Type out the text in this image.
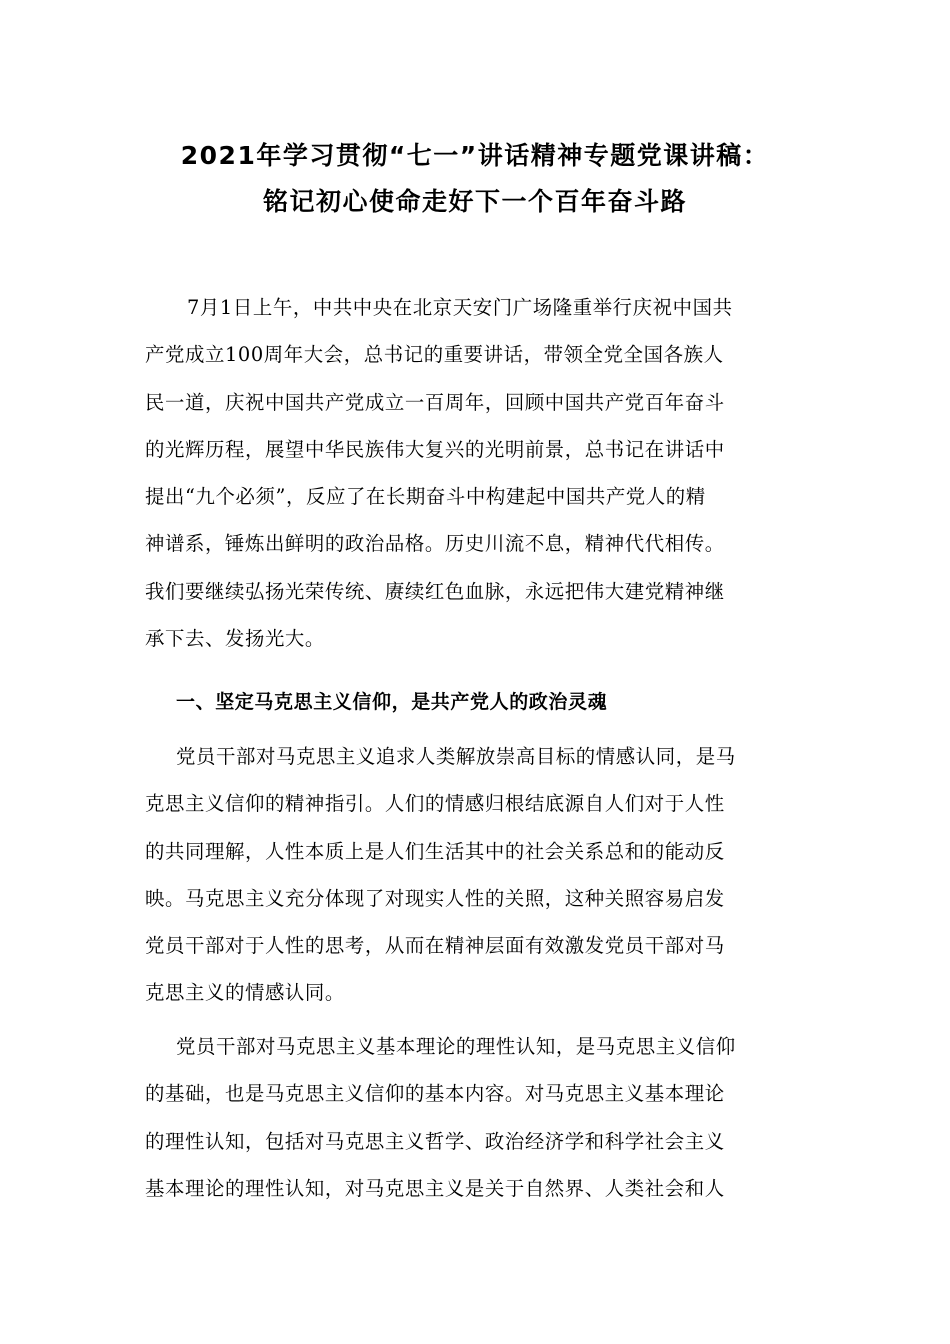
2021年学习贯彻“七一”讲话精神专题党课讲稿：
铭记初心使命走好下一个百年奋斗路
7月1日上午，中共中央在北京天安门广场隆重举行庆祝中国共
产党成立100周年大会，总书记的重要讲话，带领全党全国各族人
民一道，庆祝中国共产党成立一百周年，回顾中国共产党百年奋斗
的光辉历程，展望中华民族伟大复兴的光明前景，总书记在讲话中
提出“九个必须”，反应了在长期奋斗中构建起中国共产党人的精
神谱系，锤炼出鲜明的政治品格。历史川流不息，精神代代相传。
我们要继续弘扬光荣传统、赓续红色血脉，永远把伟大建党精神继
承下去、发扬光大。
一、坚定马克思主义信仰，是共产党人的政治灵魂
党员干部对马克思主义追求人类解放崇高目标的情感认同，是马
克思主义信仰的精神指引。人们的情感归根结底源自人们对于人性
的共同理解，人性本质上是人们生活其中的社会关系总和的能动反
映。马克思主义充分体现了对现实人性的关照，这种关照容易启发
党员干部对于人性的思考，从而在精神层面有效激发党员干部对马
克思主义的情感认同。
党员干部对马克思主义基本理论的理性认知，是马克思主义信仰
的基础，也是马克思主义信仰的基本内容。对马克思主义基本理论
的理性认知，包括对马克思主义哲学、政治经济学和科学社会主义
基本理论的理性认知，对马克思主义是关于自然界、人类社会和人
